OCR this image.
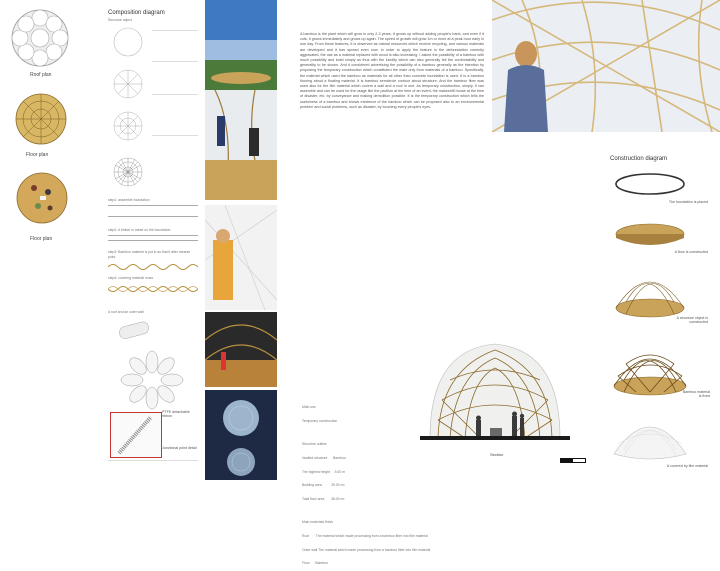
Roof plan
Floor plan
Floor plan
Composition diagram
Structure object
step1: assemble foundation
step2: A timber is mead on the foundation
step3: Bamboo material is put in as that it after mearse point
step4: covering material cross
A roof and an outer wall
PTFE detachable ribbon
Junctional point detail
A bamboo is the plant which will grow in only 2-3 years. It grows up without adding people's hand, and even if it cuts, it grows immediately and grows up again. The speed of growth will grow 1m or more at a peak hour early in one day. From these features, it is observed as natural resources which receive recycling, and various materials are developed and it has spread even now. In order to apply the feature in the deforestation currently aggravated, the use as a material replaced with wood is also increasing. I asked the possibility of a bamboo with much possibility and build simply as thus with the lucidity which can also generally tell the comfortability and generality to be shown. And it considered advertising the possibility of a bamboo generally as the intention by proposing the temporary construction which constituted the main only from materials of a bamboo. Specifically, the material which used the bamboo as materials for all other than concrete foundation is used. It is a bamboo flooring about a floating material. It is bamboo semicircle contour about structure. And the bamboo fiber was used also for the film material which covers a wall and a roof in one. As temporary construction, simply, it can assemble and can be used for the usage like the pavilion at the time of an event, the makeshift house at the time of disaster, etc. by conveyance and making demolition possible. It is the temporary construction which tells the usefulness of a bamboo and shows existence of the bamboo which can be proposed also to an environmental problem and social problems, such as disaster, by touching every people's eyes.

Main use

Temporary construction

Structure outline

Vaulted structure      Bamboo

The highest height     5.00 m

Building area          39.00 m²

Total floor area       38.00 m²

Main materials finish

Roof       The material which made processing from a bamboo fiber into film material

Outer wall The material which made processing from a bamboo fiber into film material

Floor      Bamboo

Section
Construction diagram
The foundation is placed
A floor is constructed
A structure object is constructed
Bamboo material is fixed
A covered by film material
